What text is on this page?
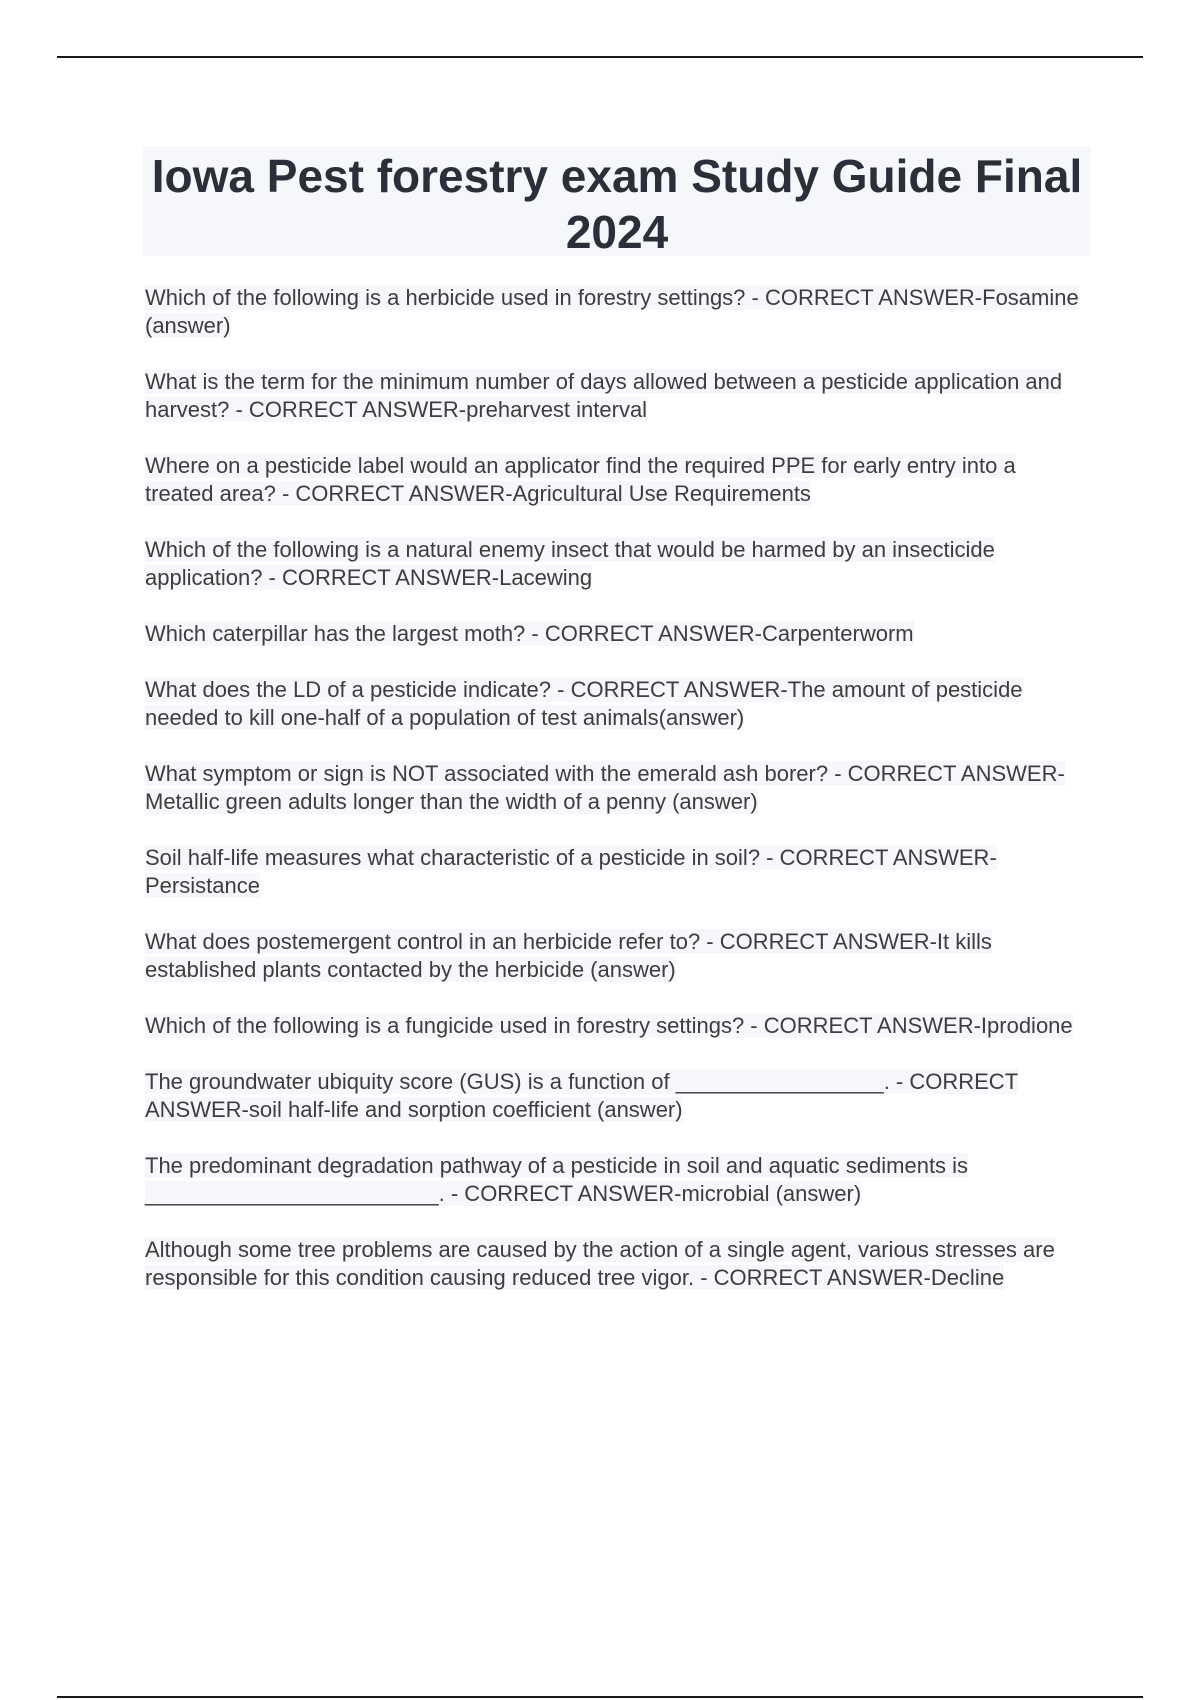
Iowa Pest forestry exam Study Guide Final 2024

Which of the following is a herbicide used in forestry settings? - CORRECT ANSWER-Fosamine (answer)

What is the term for the minimum number of days allowed between a pesticide application and harvest? - CORRECT ANSWER-preharvest interval

Where on a pesticide label would an applicator find the required PPE for early entry into a treated area? - CORRECT ANSWER-Agricultural Use Requirements

Which of the following is a natural enemy insect that would be harmed by an insecticide application? - CORRECT ANSWER-Lacewing

Which caterpillar has the largest moth? - CORRECT ANSWER-Carpenterworm

What does the LD of a pesticide indicate? - CORRECT ANSWER-The amount of pesticide needed to kill one-half of a population of test animals(answer)

What symptom or sign is NOT associated with the emerald ash borer? - CORRECT ANSWER-Metallic green adults longer than the width of a penny (answer)

Soil half-life measures what characteristic of a pesticide in soil? - CORRECT ANSWER-Persistance

What does postemergent control in an herbicide refer to? - CORRECT ANSWER-It kills established plants contacted by the herbicide (answer)

Which of the following is a fungicide used in forestry settings? - CORRECT ANSWER-Iprodione

The groundwater ubiquity score (GUS) is a function of _________________. - CORRECT ANSWER-soil half-life and sorption coefficient (answer)

The predominant degradation pathway of a pesticide in soil and aquatic sediments is ________________________. - CORRECT ANSWER-microbial (answer)

Although some tree problems are caused by the action of a single agent, various stresses are responsible for this condition causing reduced tree vigor. - CORRECT ANSWER-Decline
